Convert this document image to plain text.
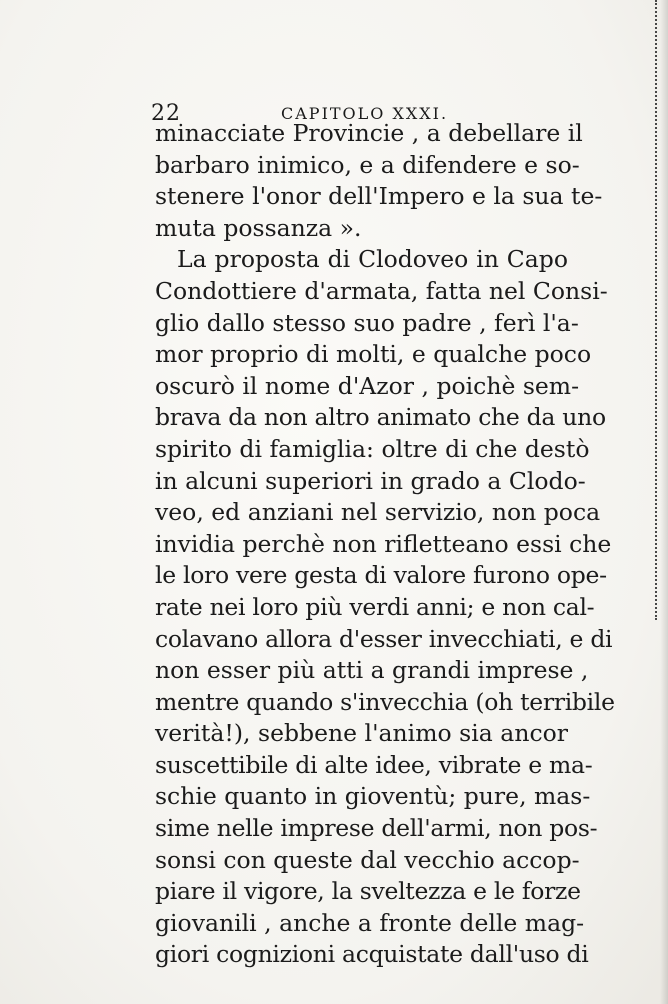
22	CAPITOLO XXXI.
minacciate Provincie , a debellare il
barbaro inimico, e a difendere e so-
stenere l'onor dell'Impero e la sua te-
muta possanza ».
La proposta di Clodoveo in Capo
Condottiere d'armata, fatta nel Consi-
glio dallo stesso suo padre , ferì l'a-
mor proprio di molti, e qualche poco
oscurò il nome d'Azor , poichè sem-
brava da non altro animato che da uno
spirito di famiglia: oltre di che destò
in alcuni superiori in grado a Clodo-
veo, ed anziani nel servizio, non poca
invidia perchè non rifletteano essi che
le loro vere gesta di valore furono ope-
rate nei loro più verdi anni; e non cal-
colavano allora d'esser invecchiati, e di
non esser più atti a grandi imprese ,
mentre quando s'invecchia (oh terribile
verità!), sebbene l'animo sia ancor
suscettibile di alte idee, vibrate e ma-
schie quanto in gioventù; pure, mas-
sime nelle imprese dell'armi, non pos-
sonsi con queste dal vecchio accop-
piare il vigore, la sveltezza e le forze
giovanili , anche a fronte delle mag-
giori cognizioni acquistate dall'uso di
